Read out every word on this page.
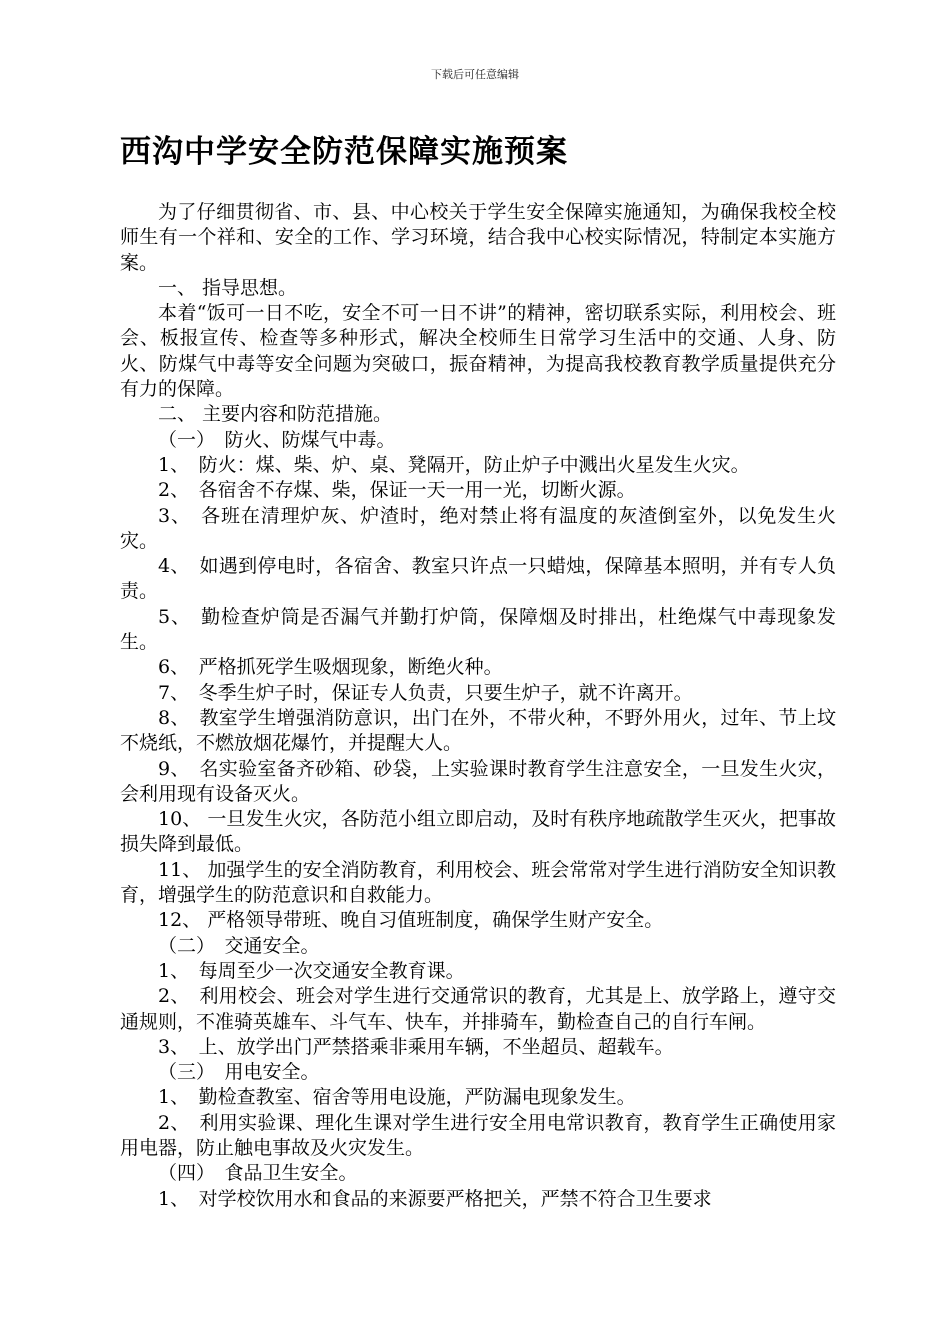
下载后可任意编辑
西沟中学安全防范保障实施预案

为了仔细贯彻省、市、县、中心校关于学生安全保障实施通知，为确保我校全校师生有一个祥和、安全的工作、学习环境，结合我中心校实际情况，特制定本实施方案。

一、 指导思想。

本着“饭可一日不吃，安全不可一日不讲”的精神，密切联系实际，利用校会、班会、板报宣传、检查等多种形式，解决全校师生日常学习生活中的交通、人身、防火、防煤气中毒等安全问题为突破口，振奋精神，为提高我校教育教学质量提供充分有力的保障。

二、 主要内容和防范措施。

（一）　防火、防煤气中毒。

1、　防火：煤、柴、炉、桌、凳隔开，防止炉子中溅出火星发生火灾。

2、　各宿舍不存煤、柴，保证一天一用一光，切断火源。

3、　各班在清理炉灰、炉渣时，绝对禁止将有温度的灰渣倒室外，以免发生火灾。

4、　如遇到停电时，各宿舍、教室只许点一只蜡烛，保障基本照明，并有专人负责。

5、　勤检查炉筒是否漏气并勤打炉筒，保障烟及时排出，杜绝煤气中毒现象发生。

6、　严格抓死学生吸烟现象，断绝火种。

7、　冬季生炉子时，保证专人负责，只要生炉子，就不许离开。

8、　教室学生增强消防意识，出门在外，不带火种，不野外用火，过年、节上坟不烧纸，不燃放烟花爆竹，并提醒大人。

9、　名实验室备齐砂箱、砂袋，上实验课时教育学生注意安全，一旦发生火灾，会利用现有设备灭火。

10、 一旦发生火灾，各防范小组立即启动，及时有秩序地疏散学生灭火，把事故损失降到最低。

11、 加强学生的安全消防教育，利用校会、班会常常对学生进行消防安全知识教育，增强学生的防范意识和自救能力。

12、 严格领导带班、晚自习值班制度，确保学生财产安全。

（二）　交通安全。

1、　每周至少一次交通安全教育课。

2、　利用校会、班会对学生进行交通常识的教育，尤其是上、放学路上，遵守交通规则，不准骑英雄车、斗气车、快车，并排骑车，勤检查自己的自行车闸。

3、　上、放学出门严禁搭乘非乘用车辆，不坐超员、超载车。

（三）　用电安全。

1、　勤检查教室、宿舍等用电设施，严防漏电现象发生。

2、　利用实验课、理化生课对学生进行安全用电常识教育，教育学生正确使用家用电器，防止触电事故及火灾发生。

（四）　食品卫生安全。

1、　对学校饮用水和食品的来源要严格把关，严禁不符合卫生要求
